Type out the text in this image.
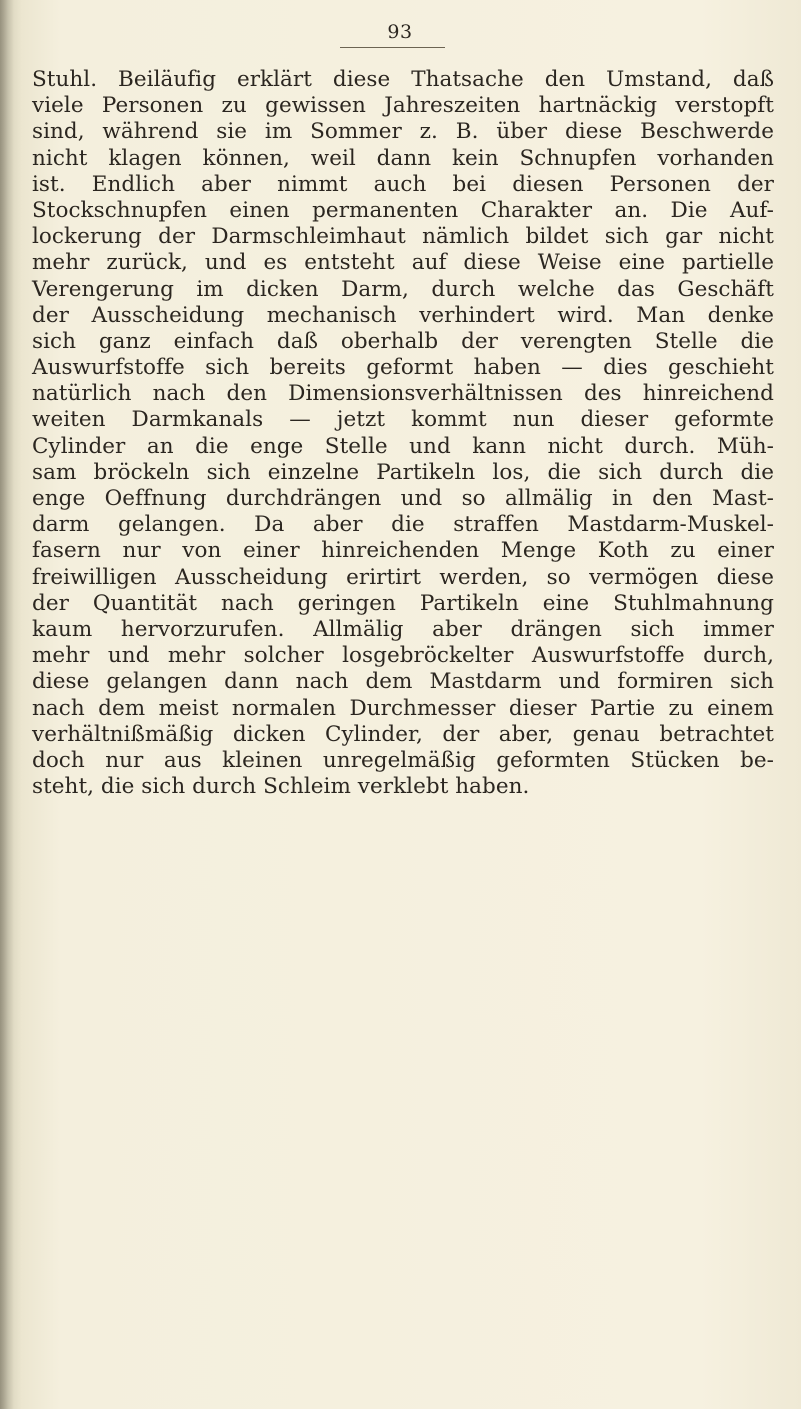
93
Stuhl. Beiläufig erklärt diese Thatsache den Umstand, daß
viele Personen zu gewissen Jahreszeiten hartnäckig verstopft
sind, während sie im Sommer z. B. über diese Beschwerde
nicht klagen können, weil dann kein Schnupfen vorhanden
ist. Endlich aber nimmt auch bei diesen Personen der
Stockschnupfen einen permanenten Charakter an. Die Auf-
lockerung der Darmschleimhaut nämlich bildet sich gar nicht
mehr zurück, und es entsteht auf diese Weise eine partielle
Verengerung im dicken Darm, durch welche das Geschäft
der Ausscheidung mechanisch verhindert wird. Man denke
sich ganz einfach daß oberhalb der verengten Stelle die
Auswurfstoffe sich bereits geformt haben — dies geschieht
natürlich nach den Dimensionsverhältnissen des hinreichend
weiten Darmkanals — jetzt kommt nun dieser geformte
Cylinder an die enge Stelle und kann nicht durch. Müh-
sam bröckeln sich einzelne Partikeln los, die sich durch die
enge Oeffnung durchdrängen und so allmälig in den Mast-
darm gelangen. Da aber die straffen Mastdarm-Muskel-
fasern nur von einer hinreichenden Menge Koth zu einer
freiwilligen Ausscheidung erirtirt werden, so vermögen diese
der Quantität nach geringen Partikeln eine Stuhlmahnung
kaum hervorzurufen. Allmälig aber drängen sich immer
mehr und mehr solcher losgebröckelter Auswurfstoffe durch,
diese gelangen dann nach dem Mastdarm und formiren sich
nach dem meist normalen Durchmesser dieser Partie zu einem
verhältnißmäßig dicken Cylinder, der aber, genau betrachtet
doch nur aus kleinen unregelmäßig geformten Stücken be-
steht, die sich durch Schleim verklebt haben.
